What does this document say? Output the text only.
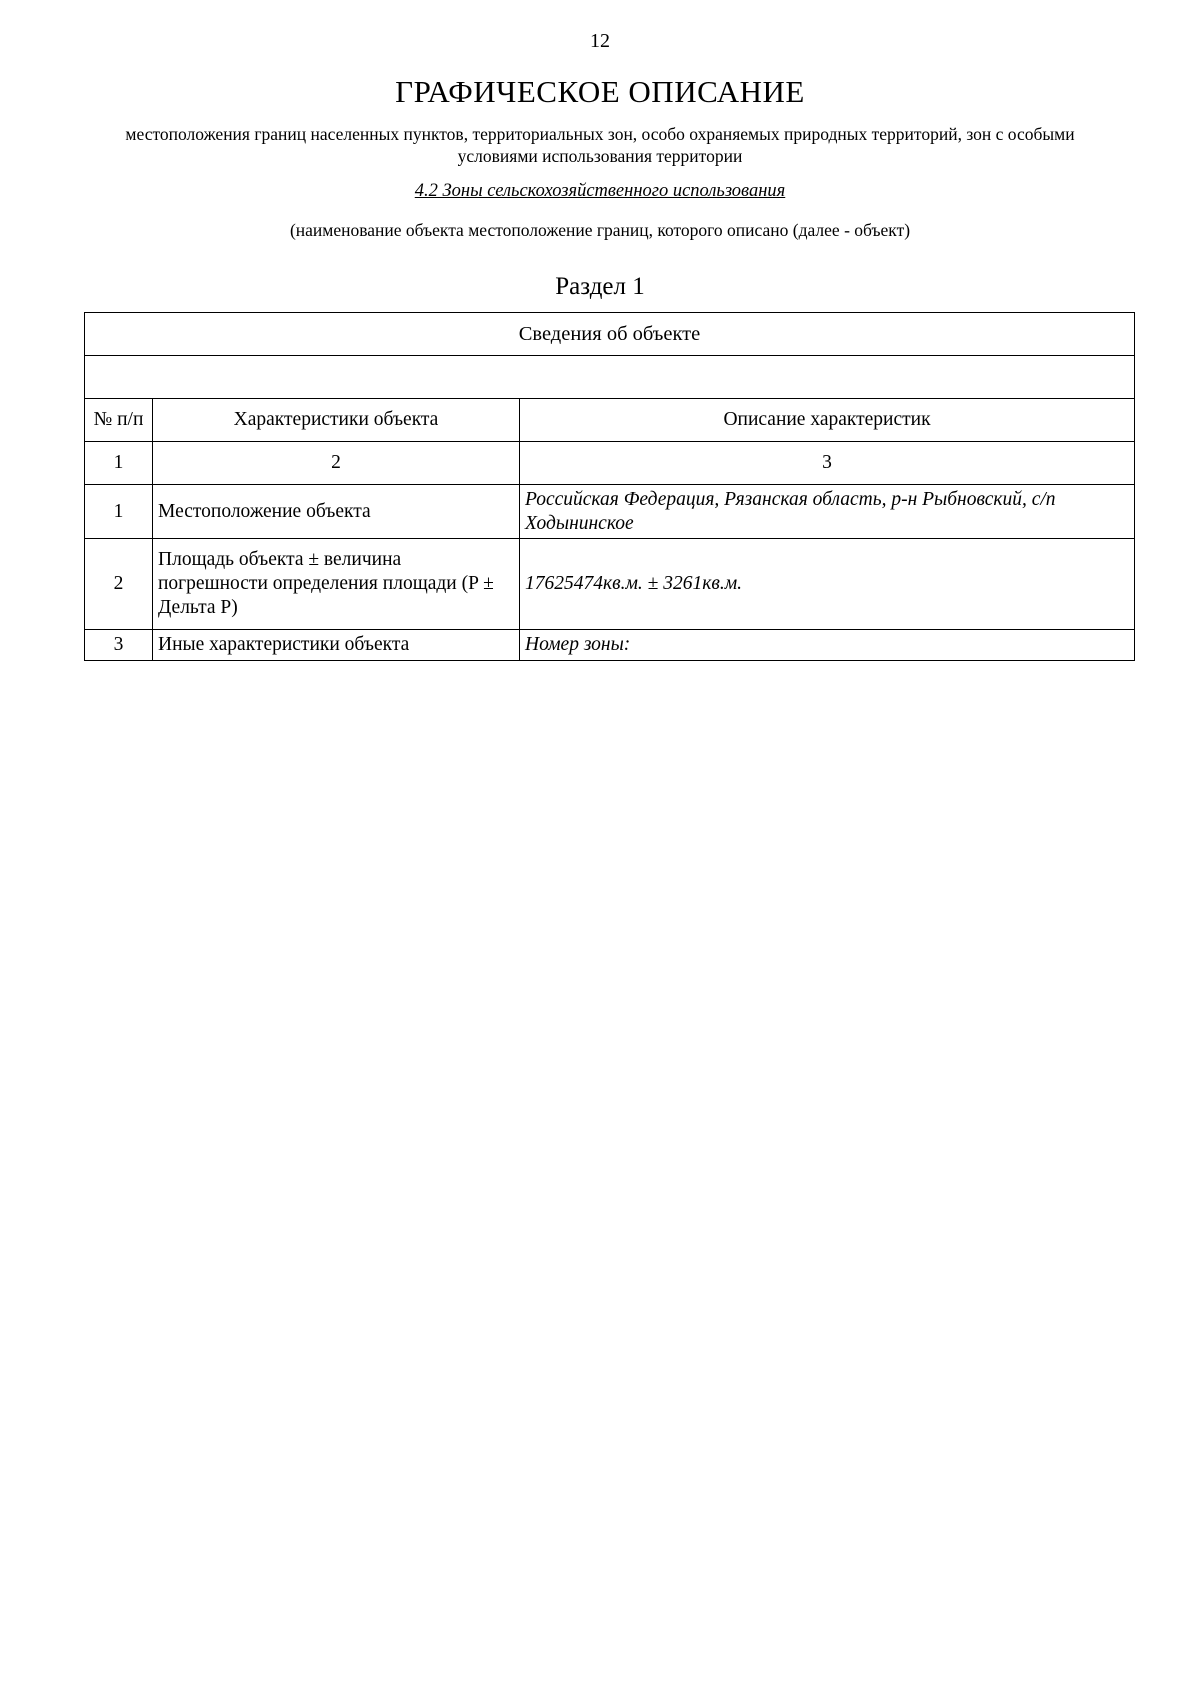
12
ГРАФИЧЕСКОЕ ОПИСАНИЕ
местоположения границ населенных пунктов, территориальных зон, особо охраняемых природных территорий, зон с особыми условиями использования территории
4.2 Зоны сельскохозяйственного использования
(наименование объекта местоположение границ, которого описано (далее - объект)
Раздел 1
Сведения об объекте		

№ п/п	Характеристики объекта	Описание характеристик
1	2	3
1	Местоположение объекта	Российская Федерация, Рязанская область, р-н Рыбновский, с/п Ходынинское
2	Площадь объекта ± величина погрешности определения площади (P ± Дельта P)	17625474кв.м. ± 3261кв.м.
3	Иные характеристики объекта	Номер зоны:
